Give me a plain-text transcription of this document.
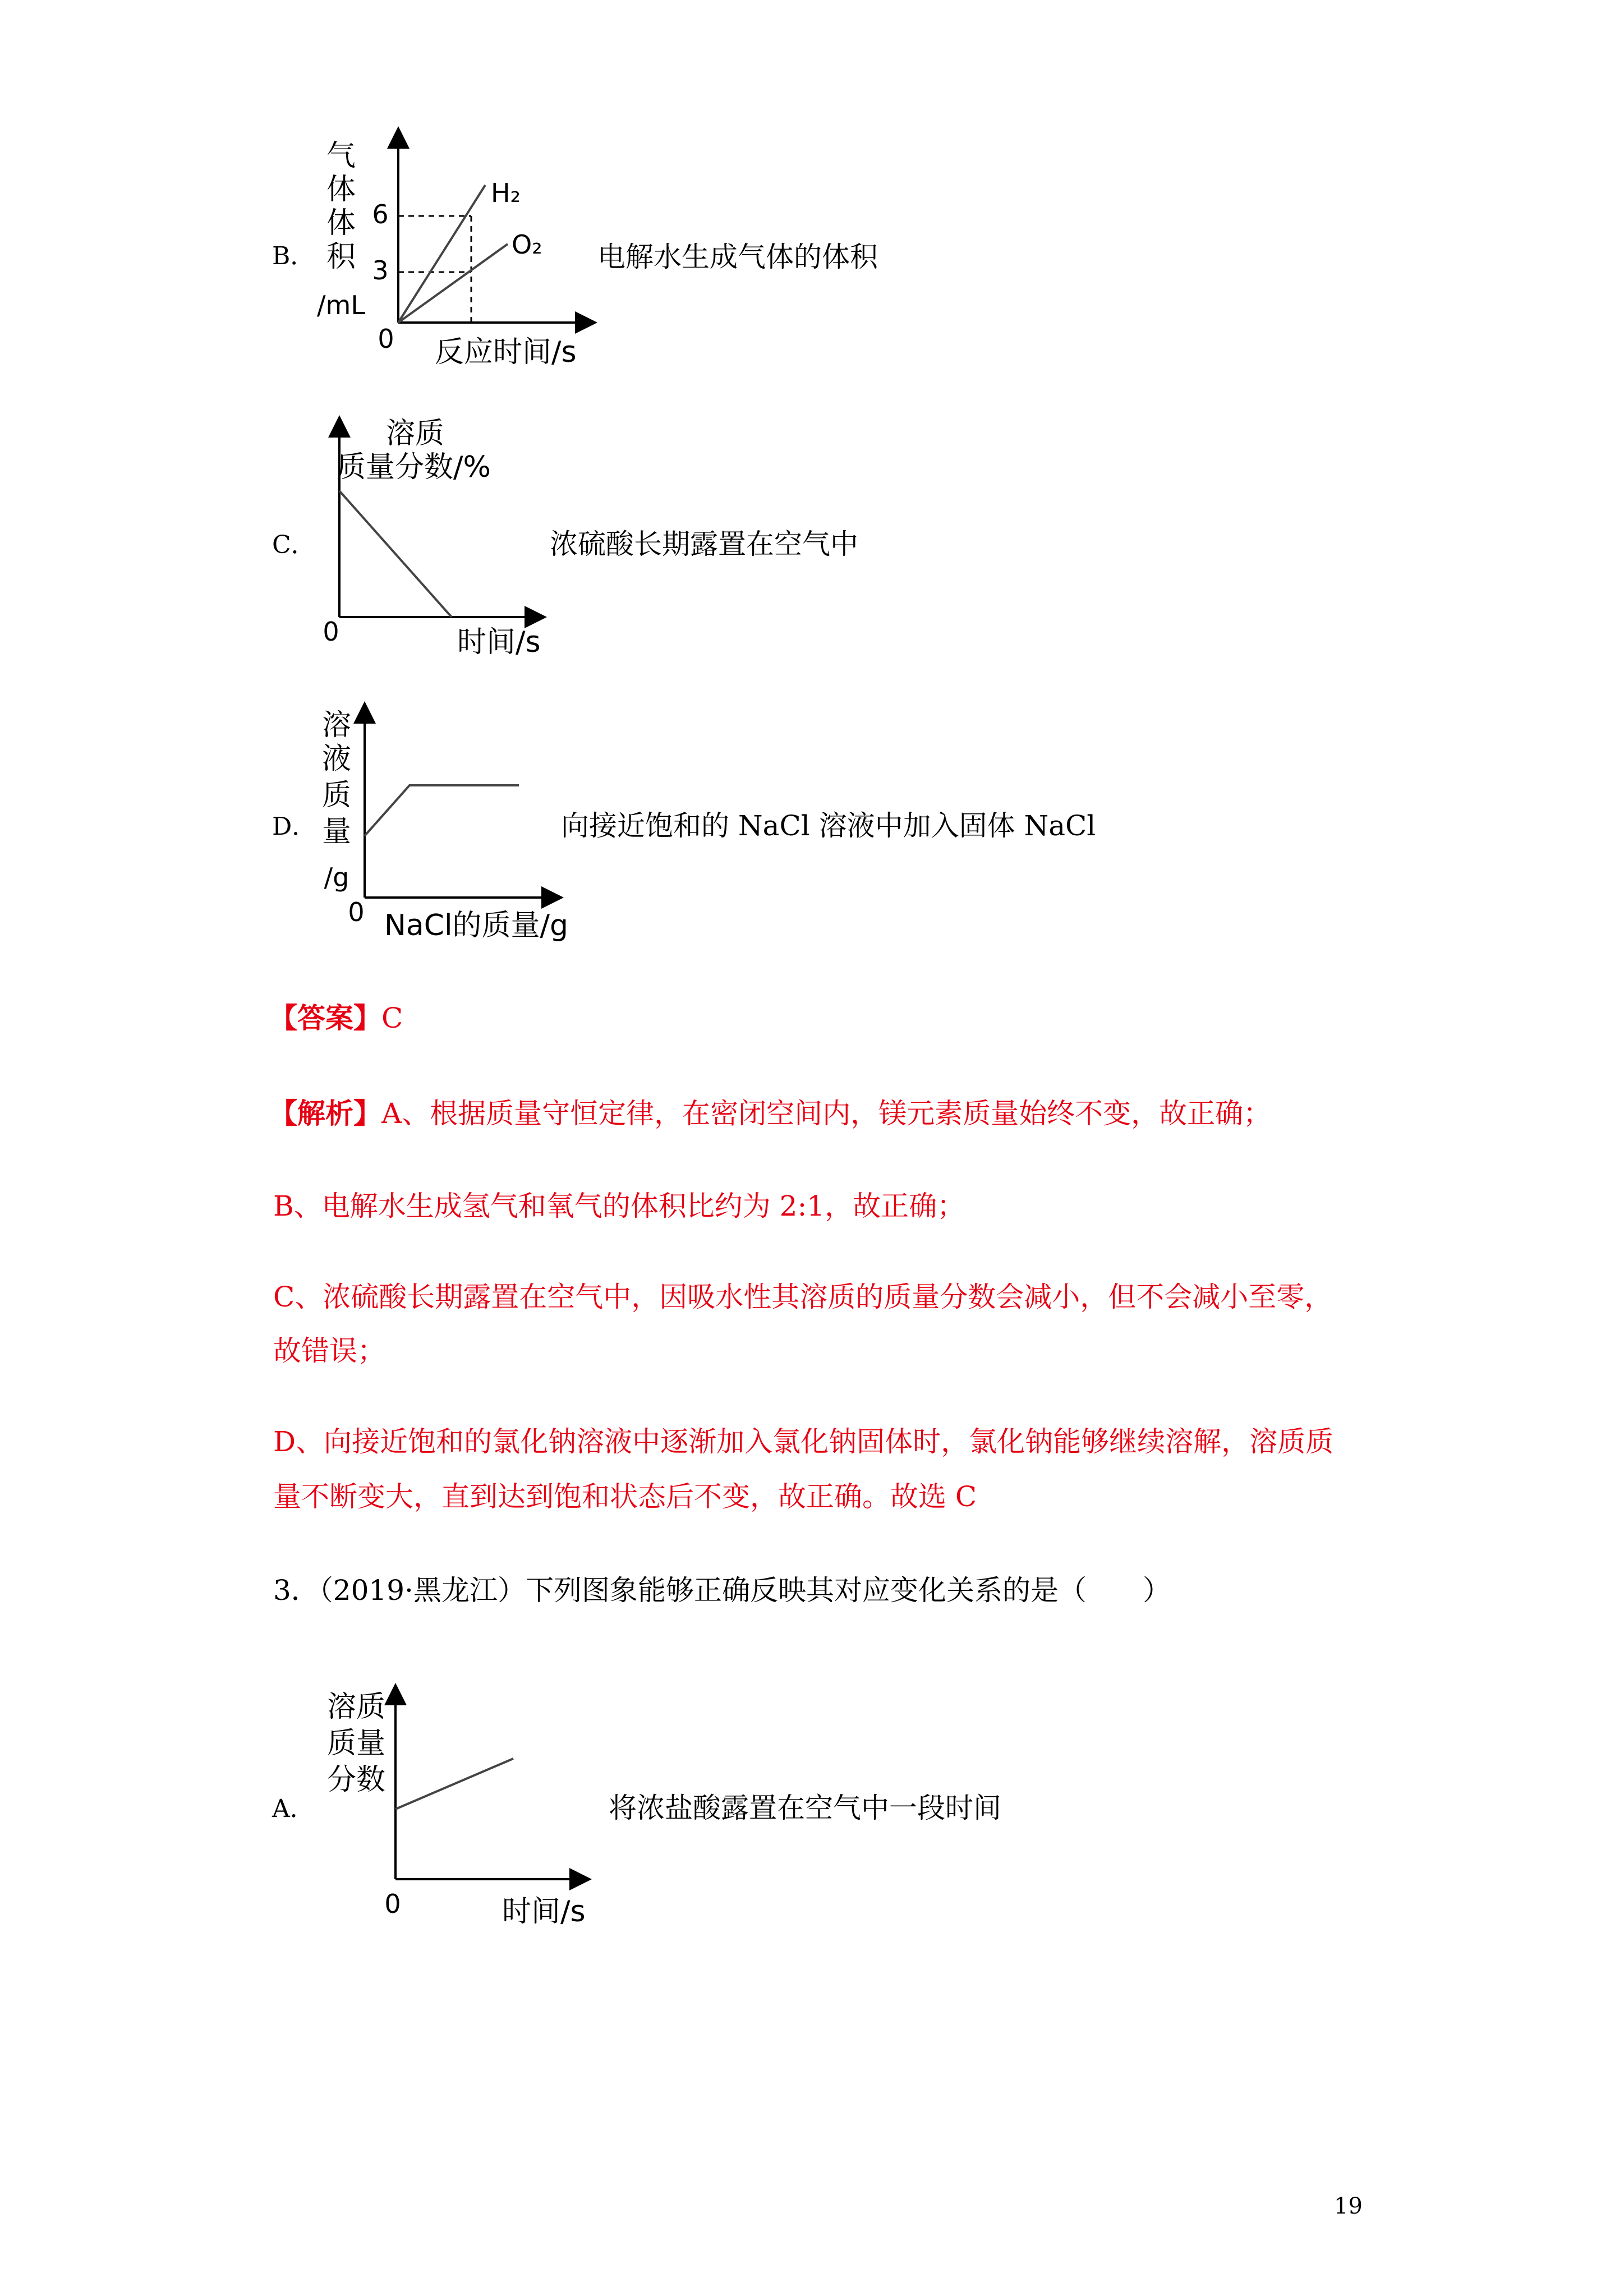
B．
气
体
体
积
/mL
0 反应时间/s
6
3
H₂
O₂ 电解水生成气体的体积
C．
溶质
质量分数/%
0	时间/s
浓硫酸长期露置在空气中
D．
溶
液
质
量
/g
0 NaCl的质量/g
向接近饱和的 NaCl 溶液中加入固体 NaCl
【答案】C
【解析】A、根据质量守恒定律，在密闭空间内，镁元素质量始终不变，故正确；
B、电解水生成氢气和氧气的体积比约为 2:1，故正确；
C、浓硫酸长期露置在空气中，因吸水性其溶质的质量分数会减小，但不会减小至零，
故错误；
D、向接近饱和的氯化钠溶液中逐渐加入氯化钠固体时，氯化钠能够继续溶解，溶质质
量不断变大，直到达到饱和状态后不变，故正确。故选 C
3．（2019·黑龙江）下列图象能够正确反映其对应变化关系的是（　　）
A．
溶质
质量
分数
0	时间/s
将浓盐酸露置在空气中一段时间
19
